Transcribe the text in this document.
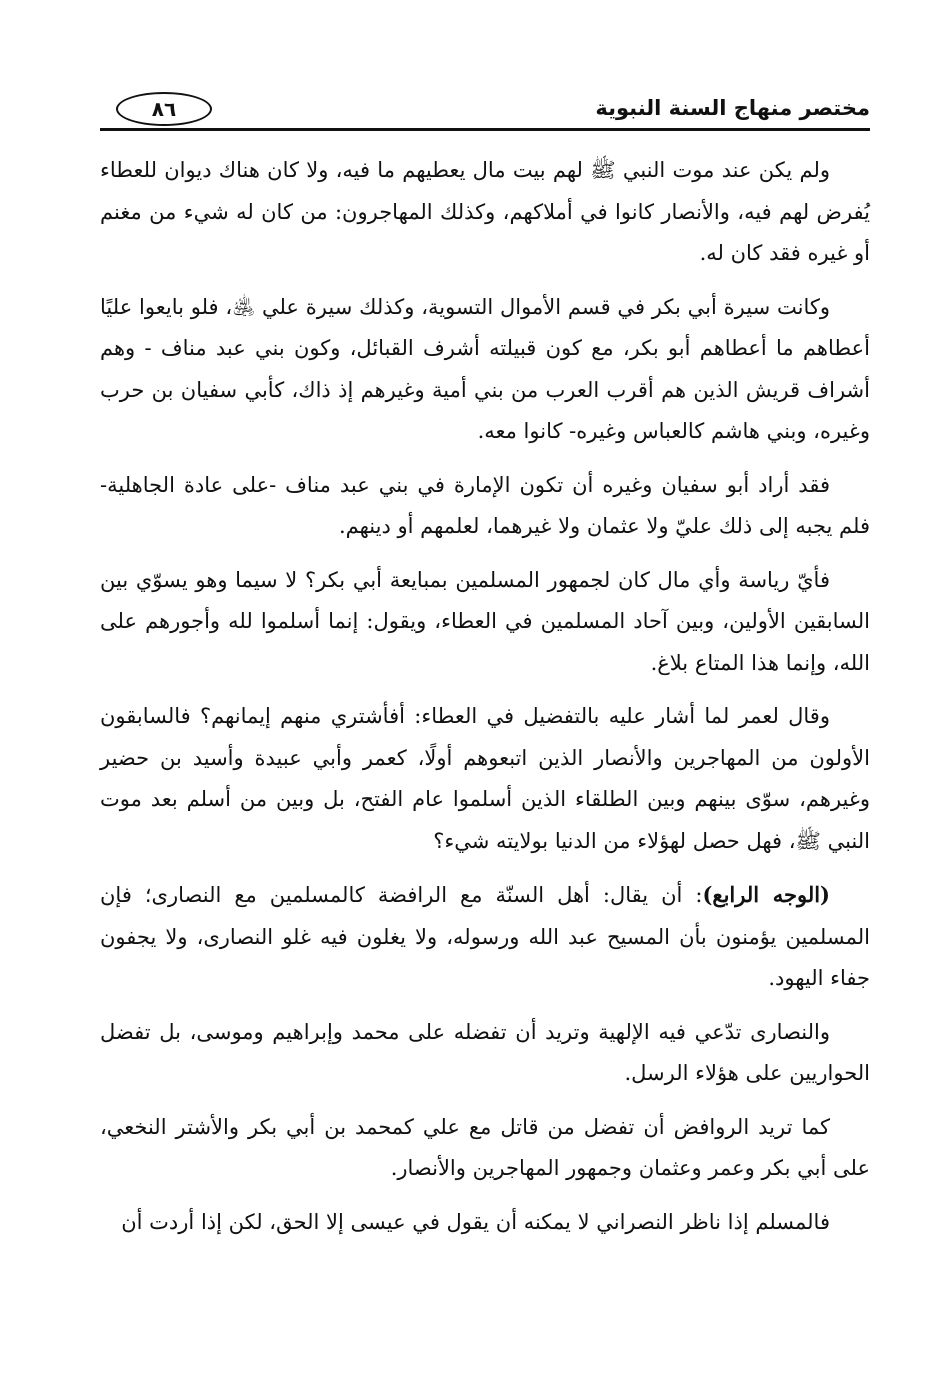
٨٦	مختصر منهاج السنة النبوية

ولم يكن عند موت النبي ﷺ لهم بيت مال يعطيهم ما فيه، ولا كان هناك ديوان للعطاء يُفرض لهم فيه، والأنصار كانوا في أملاكهم، وكذلك المهاجرون: من كان له شيء من مغنم أو غيره فقد كان له.

وكانت سيرة أبي بكر في قسم الأموال التسوية، وكذلك سيرة علي ﵁، فلو بايعوا عليًا أعطاهم ما أعطاهم أبو بكر، مع كون قبيلته أشرف القبائل، وكون بني عبد مناف - وهم أشراف قريش الذين هم أقرب العرب من بني أمية وغيرهم إذ ذاك، كأبي سفيان بن حرب وغيره، وبني هاشم كالعباس وغيره- كانوا معه.

فقد أراد أبو سفيان وغيره أن تكون الإمارة في بني عبد مناف -على عادة الجاهلية- فلم يجبه إلى ذلك عليّ ولا عثمان ولا غيرهما، لعلمهم أو دينهم.

فأيّ رياسة وأي مال كان لجمهور المسلمين بمبايعة أبي بكر؟ لا سيما وهو يسوّي بين السابقين الأولين، وبين آحاد المسلمين في العطاء، ويقول: إنما أسلموا لله وأجورهم على الله، وإنما هذا المتاع بلاغ.

وقال لعمر لما أشار عليه بالتفضيل في العطاء: أفأشتري منهم إيمانهم؟ فالسابقون الأولون من المهاجرين والأنصار الذين اتبعوهم أولًا، كعمر وأبي عبيدة وأسيد بن حضير وغيرهم، سوّى بينهم وبين الطلقاء الذين أسلموا عام الفتح، بل وبين من أسلم بعد موت النبي ﷺ، فهل حصل لهؤلاء من الدنيا بولايته شيء؟

(الوجه الرابع): أن يقال: أهل السنّة مع الرافضة كالمسلمين مع النصارى؛ فإن المسلمين يؤمنون بأن المسيح عبد الله ورسوله، ولا يغلون فيه غلو النصارى، ولا يجفون جفاء اليهود.

والنصارى تدّعي فيه الإلهية وتريد أن تفضله على محمد وإبراهيم وموسى، بل تفضل الحواريين على هؤلاء الرسل.

كما تريد الروافض أن تفضل من قاتل مع علي كمحمد بن أبي بكر والأشتر النخعي، على أبي بكر وعمر وعثمان وجمهور المهاجرين والأنصار.

فالمسلم إذا ناظر النصراني لا يمكنه أن يقول في عيسى إلا الحق، لكن إذا أردت أن
